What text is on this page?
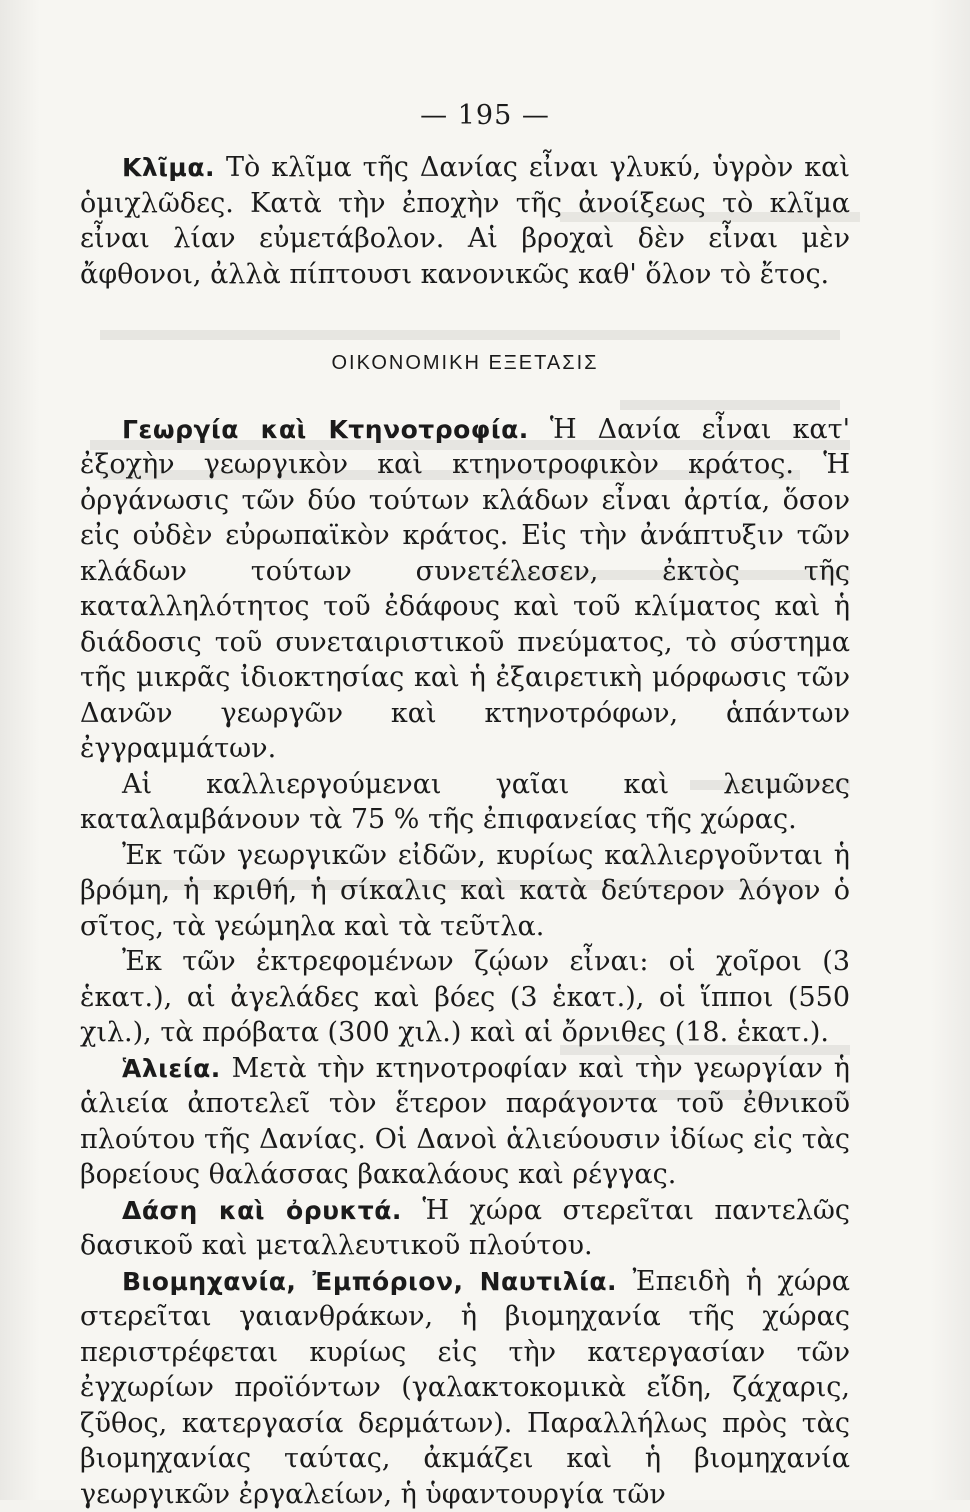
— 195 —

Κλῖμα. Τὸ κλῖμα τῆς Δανίας εἶναι γλυκύ, ὑγρὸν καὶ ὁμιχλῶδες. Κατὰ τὴν ἐποχὴν τῆς ἀνοίξεως τὸ κλῖμα εἶναι λίαν εὐμετάβολον. Αἱ βροχαὶ δὲν εἶναι μὲν ἄφθονοι, ἀλλὰ πίπτουσι κανονικῶς καθ' ὅλον τὸ ἔτος.

ΟΙΚΟΝΟΜΙΚΗ ΕΞΕΤΑΣΙΣ

Γεωργία καὶ Κτηνοτροφία. Ἡ Δανία εἶναι κατ' ἐξοχὴν γεωργικὸν καὶ κτηνοτροφικὸν κράτος. Ἡ ὀργάνωσις τῶν δύο τούτων κλάδων εἶναι ἀρτία, ὅσον εἰς οὐδὲν εὐρωπαϊκὸν κράτος. Εἰς τὴν ἀνάπτυξιν τῶν κλάδων τούτων συνετέλεσεν, ἐκτὸς τῆς καταλληλότητος τοῦ ἐδάφους καὶ τοῦ κλίματος καὶ ἡ διάδοσις τοῦ συνεταιριστικοῦ πνεύματος, τὸ σύστημα τῆς μικρᾶς ἰδιοκτησίας καὶ ἡ ἐξαιρετικὴ μόρφωσις τῶν Δανῶν γεωργῶν καὶ κτηνοτρόφων, ἁπάντων ἐγγραμμάτων.

Αἱ καλλιεργούμεναι γαῖαι καὶ λειμῶνες καταλαμβάνουν τὰ 75 % τῆς ἐπιφανείας τῆς χώρας.

Ἐκ τῶν γεωργικῶν εἰδῶν, κυρίως καλλιεργοῦνται ἡ βρόμη, ἡ κριθή, ἡ σίκαλις καὶ κατὰ δεύτερον λόγον ὁ σῖτος, τὰ γεώμηλα καὶ τὰ τεῦτλα.

Ἐκ τῶν ἐκτρεφομένων ζῴων εἶναι: οἱ χοῖροι (3 ἑκατ.), αἱ ἀγελάδες καὶ βόες (3 ἑκατ.), οἱ ἵπποι (550 χιλ.), τὰ πρόβατα (300 χιλ.) καὶ αἱ ὄρνιθες (18. ἑκατ.).

Ἁλιεία. Μετὰ τὴν κτηνοτροφίαν καὶ τὴν γεωργίαν ἡ ἁλιεία ἀποτελεῖ τὸν ἕτερον παράγοντα τοῦ ἐθνικοῦ πλούτου τῆς Δανίας. Οἱ Δανοὶ ἁλιεύουσιν ἰδίως εἰς τὰς βορείους θαλάσσας βακαλάους καὶ ρέγγας.

Δάση καὶ ὀρυκτά. Ἡ χώρα στερεῖται παντελῶς δασικοῦ καὶ μεταλλευτικοῦ πλούτου.

Βιομηχανία, Ἐμπόριον, Ναυτιλία. Ἐπειδὴ ἡ χώρα στερεῖται γαιανθράκων, ἡ βιομηχανία τῆς χώρας περιστρέφεται κυρίως εἰς τὴν κατεργασίαν τῶν ἐγχωρίων προϊόντων (γαλακτοκομικὰ εἴδη, ζάχαρις, ζῦθος, κατεργασία δερμάτων). Παραλλήλως πρὸς τὰς βιομηχανίας ταύτας, ἀκμάζει καὶ ἡ βιομηχανία γεωργικῶν ἐργαλείων, ἡ ὑφαντουργία τῶν
